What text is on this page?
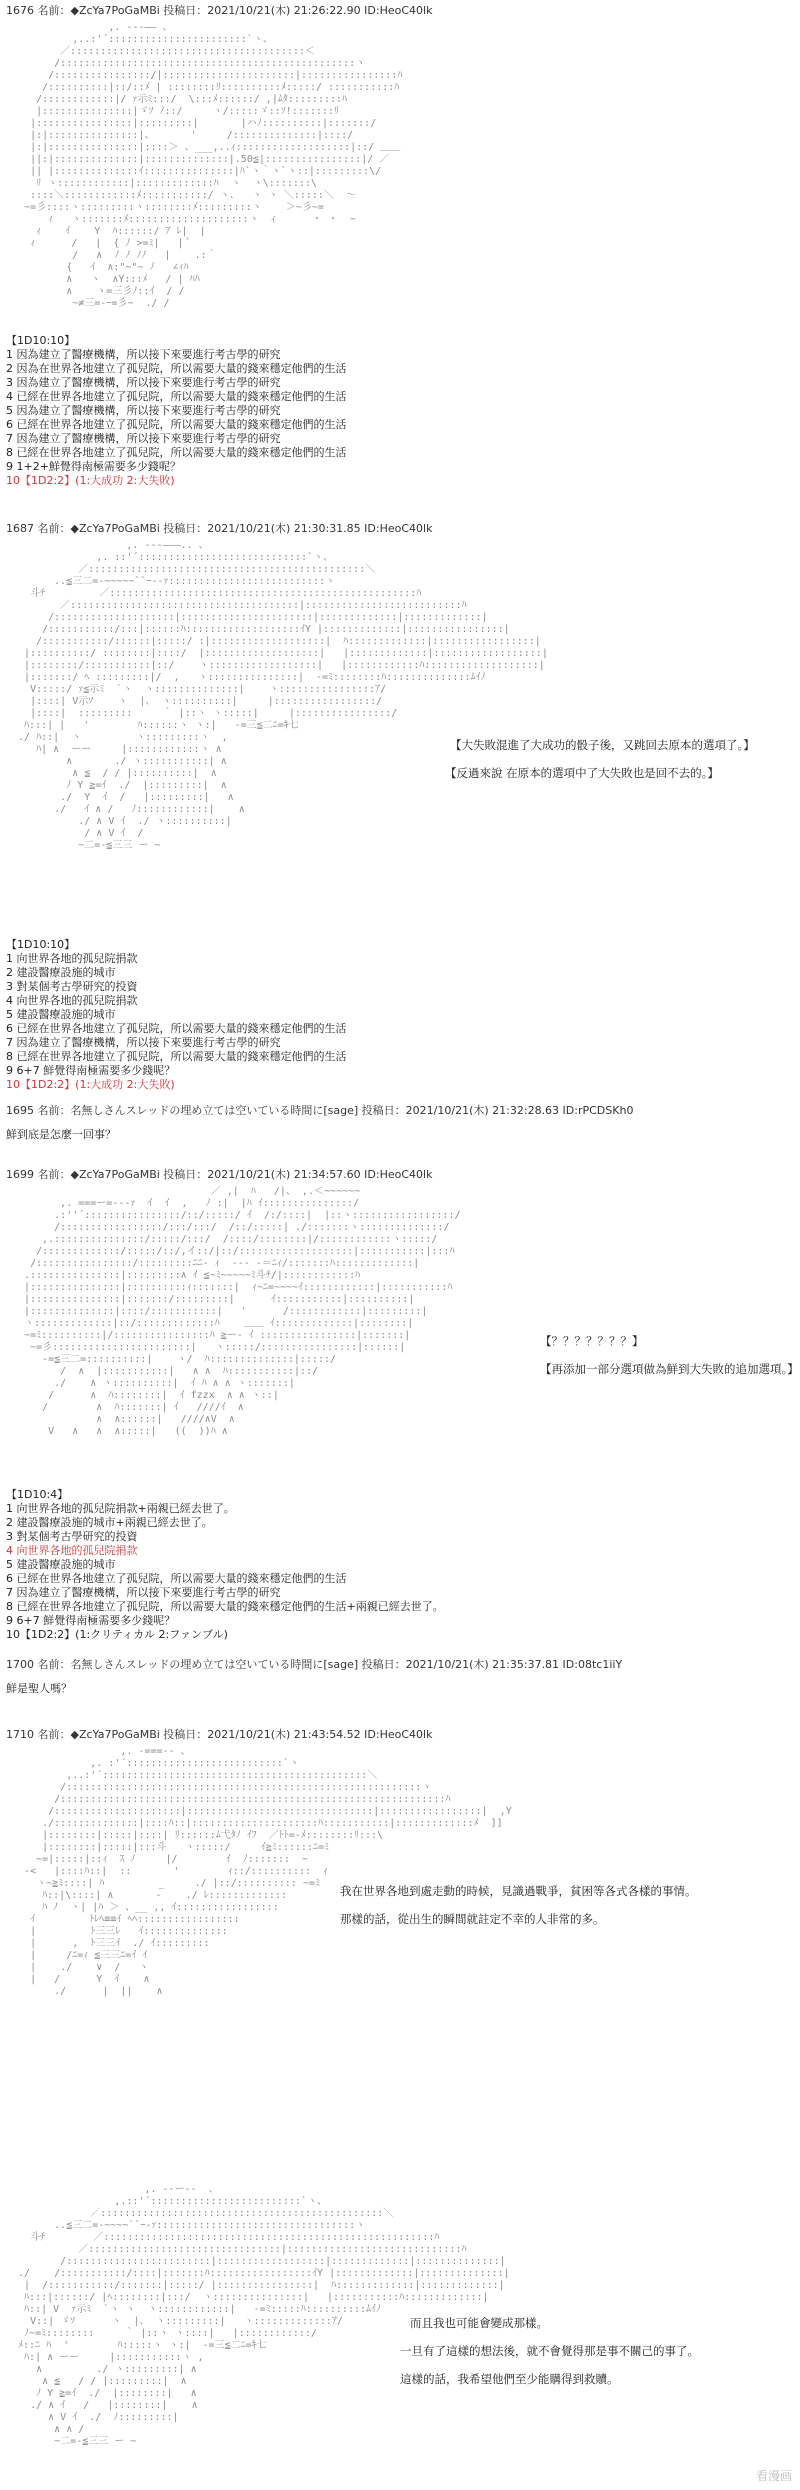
1676 名前：◆ZcYa7PoGaMBi 投稿日：2021/10/21(木) 21:26:22.90 ID:HeoC40lk
,. ---―― 、
,..:'´:::::::::::::::::::::::`ヽ、
／:::::::::::::::::::::::::::::::::::::::＜
/:::::::::::::::::::::::::::::::::::::::::::::::::ヽ
/::::::::::::::::/|::::::::::::::::::::::|::::::::::::::::ﾊ
/::::::::::|::/::ﾒ | ::::::::ﾘ::::::::::ﾒ:::::/ :::::::::::ﾊ
/::::::::::::|/ ｧ示ﾐ:::/  \:::ﾒ::::::/ ,|ﾑﾀ:::::::::ﾊ
|:::::::::::::::|ゞｿ ﾉ::/     ヽ/:::::ゞ::ｿ!:::::::ﾘ
|::::::::::::::::|:::::::::|       |ハﾉ::::::::::|:::::::/
|:|:::::::::::::::|、      '     /::::::::::::::|::::/
|:|:::::::::::::::|::::＞ 、___,..ｨ:::::::::::::::::::|::/ ＿＿
||:|::::::::::::::|::::::::::::::|.50≦|::::::::::::::::|/ ／
|| |::::::::::::::ｲ:::::::::::::::|ﾊ`ヽ｀ヽ`ヽ::|:::::::::\/
ﾘ ヽ::::::::::::|:::::::::::::ﾊ  ヽ  ヽ\:::::::\
::::＼::::::::::::ﾒ:::::::::::/ ヽ、  ヽ ヽ ＼:::::＼  ～
~=彡::::ヽ:::::::::ヽ::::::::ﾒ:::::::::ヽ    ＞~彡~=
ｨ   ヽ:::::::ﾒ::::::::::::::::::::ヽ  ｨ      ・ ・  ~
ｨ    ｲ    Y  ﾊ::::::/ ｱ ﾚ|  |
ｨ      /   |  { ﾉ >=ﾐ|   | ﾟ
/   ∧  ﾉ ﾉ ﾉﾉ   |    .:｀
{   ｲ  ∧:"~"~ ﾉ   ∠ｨﾊ
∧   ヽ  ∧Y:::ﾒ   / | ﾊﾊ
∧    ヽ=三彡ﾉ::ｲ  / /
~≠三=-ｰ=彡~  ./ /
【1D10:10】
1 因為建立了醫療機構，所以接下來要進行考古學的研究
2 因為在世界各地建立了孤兒院，所以需要大量的錢來穩定他們的生活
3 因為建立了醫療機構，所以接下來要進行考古學的研究
4 已經在世界各地建立了孤兒院，所以需要大量的錢來穩定他們的生活
5 因為建立了醫療機構，所以接下來要進行考古學的研究
6 已經在世界各地建立了孤兒院，所以需要大量的錢來穩定他們的生活
7 因為建立了醫療機構，所以接下來要進行考古學的研究
8 已經在世界各地建立了孤兒院，所以需要大量的錢來穩定他們的生活
9 1+2+鮮覺得南極需要多少錢呢？
10【1D2:2】(1:大成功 2:大失敗)
1687 名前：◆ZcYa7PoGaMBi 投稿日：2021/10/21(木) 21:30:31.85 ID:HeoC40lk
,. ---―――.. 、
,. ::'´::::::::::::::::::::::::::::`ヽ、
／::::::::::::::::::::::::::::::::::::::::::::::＼
..≦三二=‐~~~~~``ｰ‐‐ｧ::::::::::::::::::::::::::ヽ
斗ﾁ         ／:::::::::::::::::::::::::::::::::::::::::::::::::::ﾊ
／::::::::::::::::::::::::::::::::::::::|::::::::::::::::::::::::::ﾊ
/::::::::::::::::::::|::::::::::::::::::::::|:::::::::::::|:::::::::::::|
/:::::::::::/:::|::::::ﾊ:::::::::::::::::::ｲY |:::::::::::::|::::::::::::::::|
/:::::::::::/::::::|:::::/ :|:::::::::::::::::::|  ﾊ:::::::::::::|:::::::::::::::::|
|::::::::::/ ::::::::|::::/  |:::::::::::::::::::|   |:::::::::::::|::::::::::::::::::|
|::::::::/:::::::::::|::/    ヽ::::::::::::::::::|   |::::::::::::ﾊ:::::::::::::::::::|
|:::::::/ ﾍ :::::::::|/  ,   ヽ:::::::::::::::|  ‐=ﾐ::::::::ﾊ::::::::::::::ﾑｲﾉ
V:::::/ ｧ≦示ﾐ  `ヽ  ヽ::::::::::::::|    ヽ::::::::::::::::ｱ/
|::::| V示ｿ    ヽ  |、 ヽ::::::::::|     |:::::::::::::::::/
|::::|  :::::::::     ｀ |::ヽ ヽ:::::|     |::::::::::::::::/
ﾊ:::| |   '        ﾊ::::::ヽ ヽ:|   ‐=三≦二ﾆ=ｷ七
./ ﾊ::|  ヽ         ヽ:::::::::ヽ  ,
ﾊ| ∧  ーー     |::::::::::::ヽ ∧
∧       ./ ヽ:::::::::::| ∧
∧ ≦  / / |::::::::::|  ∧
ﾉ Y ≧=ｲ  ./  |:::::::::|  ∧
./  Y  ｲ  /   |:::::::::|   ∧
./   ｲ ∧ /   ﾉ::::::::::::|    ∧
./ ∧ V ｲ  ./ ヽ::::::::::|
/ ∧ V ｲ  /
~二=-≦三三 ー ~
【大失敗混進了大成功的骰子後，又跳回去原本的選項了。】
【反過來說 在原本的選項中了大失敗也是回不去的。】
【1D10:10】
1 向世界各地的孤兒院捐款
2 建設醫療設施的城市
3 對某個考古學研究的投資
4 向世界各地的孤兒院捐款
5 建設醫療設施的城市
6 已經在世界各地建立了孤兒院，所以需要大量的錢來穩定他們的生活
7 因為建立了醫療機構，所以接下來要進行考古學的研究
8 已經在世界各地建立了孤兒院，所以需要大量的錢來穩定他們的生活
9 6+7 鮮覺得南極需要多少錢呢？
10【1D2:2】(1:大成功 2:大失敗)
1695 名前：名無しさんスレッドの埋め立ては空いている時間に[sage] 投稿日：2021/10/21(木) 21:32:28.63 ID:rPCDSKh0
鮮到底是怎麼一回事？
1699 名前：◆ZcYa7PoGaMBi 投稿日：2021/10/21(木) 21:34:57.60 ID:HeoC40lk
／ ,|  ﾊ   /|、 ,.＜~~~~~~
,. ===ー=‐‐‐ｧ  ｲ  ｲ  ,   ﾉ :|  |ﾊ ｲ:::::::::::::::/
.:''´::::::::::::::::/::/:::::/ ｲ  /:/::::|  |::ヽ:::::::::::::::::/
/:::::::::::::::::/:::/:::/  /::/:::::| ./:::::::ヽ::::::::::::::/
,.:::::::::::::::/:::::/:::/  /::::/::::::::|/::::::::::::ヽ:::::/
/:::::::::::::/:::::/::/,イ::/|::/:::::::::::::::::::|:::::::::::|:::ﾊ
/::::::::::::::::/:::::::::ﾆﾆ‐ ｨ  ‐‐‐ ‐＝ﾆｨ/:::::::ﾊ:::::::::::::|
.:::::::::::::::|:::::::::∧ ｲ ≦~ﾐ~~~~~ﾐ斗ﾁ/|::::::::::::ﾊ
|:::::::::::::::|::::::::::ｨ:::::::|  ｨ~ﾆ=~~~~ｲ::::::::::::|:::::::::::ﾊ
|:::::::::::::::|:::::::/:::::::::|      ｲ:::::::::::|::::::::::|
|::::::::::::::|::::/:::::::::::|   '      /::::::::::::|:::::::::|
ヽ:::::::::::::|::/:::::::::::::ﾊ    ＿＿ ｲ:::::::::::::|::::::::|
~=ﾐ::::::::::|/::::::::::::::::ﾊ ≧ー‐ ｲ ::::::::::::::::|:::::::|
~=彡:::::::::::::::::::::::|   ヽ:::::/::::::::::::::::|::::::|
‐=≦三二=::::::::::|    ヽ/  ﾊ::::::::::::::|:::::/
/  ∧  |:::::::::::|   ∧ ∧  ﾊ:::::::::::|::/
./    ∧ ヽ::::::::::|  ｲ ﾊ ∧ ∧ ヽ:::::::|
/      ∧  ﾊ::::::::|  ｲ fzzx  ∧ ∧ ヽ::|
/        ∧  ﾊ:::::::| ｲ   ////ｲ  ∧
∧  ∧::::::|   ////∧V  ∧
V   ∧   ∧  ∧:::::|   ((  ))ﾊ ∧
【？？？？？？？】
【再添加一部分選項做為鮮到大失敗的追加選項。】
【1D10:4】
1 向世界各地的孤兒院捐款+兩親已經去世了。
2 建設醫療設施的城市+兩親已經去世了。
3 對某個考古學研究的投資
4 向世界各地的孤兒院捐款
5 建設醫療設施的城市
6 已經在世界各地建立了孤兒院，所以需要大量的錢來穩定他們的生活
7 因為建立了醫療機構，所以接下來要進行考古學的研究
8 已經在世界各地建立了孤兒院，所以需要大量的錢來穩定他們的生活+兩親已經去世了。
9 6+7 鮮覺得南極需要多少錢呢？
10【1D2:2】(1:クリティカル 2:ファンブル)
1700 名前：名無しさんスレッドの埋め立ては空いている時間に[sage] 投稿日：2021/10/21(木) 21:35:37.81 ID:08tc1iiY
鮮是聖人嗎？
1710 名前：◆ZcYa7PoGaMBi 投稿日：2021/10/21(木) 21:43:54.52 ID:HeoC40lk
,. -===‐- 、
,. :'´::::::::::::::::::::::::::`ヽ
,..:'´::::::::::::::::::::::::::::::::::::::::::::＼
/:::::::::::::::::::::::::::::::::::::::::::::::::::::::::::ヽ
/::::::::::::::::::::::::::::::::::::::::::::::::::::::::::::::::ﾊ
/:::::::::::::::::::::|:::::::::::::::::::::::::::::::|:::::::::::::::::|  ,Y
./::::::::::::::|::::ﾊ::|:::::::::::::::::::::ﾊ:::::::::::|:::::::::::::ﾒ  ]]
|::::::::|:::::|::::| ﾘ::::::ﾑ弋ﾀﾉ ｲﾌ  ／ﾄﾄ=‐ﾒ::::::::ﾘ:::\
|::::::::|:::::|:::斗   ヽ:::::/     ｲ≧ﾐ::::::ﾆ=ﾐ
~=|:::::|::ｨ  ｽ ﾉ     |/        ｲ  ﾉ:::::::  ~
‐<   |::::ﾊ::|  ::       '        ｨ::/::::::::::  ｨ
ヽ~≧ﾐ::::| ﾊ         _     ./ |::/:::::::::: ~=ﾐ
ﾊ::|\::::| ∧       ‐    ./ ﾚ:::::::::::::
ﾊ ﾉ  ヽ| |ﾊ ＞ 、__ ,, ｲ:::::::::::::::::
ｲ         ﾄﾚﾍ≡≡ｲ ﾍﾍ:::::::::::::::::
|         ﾄ三三ﾚ   ｲ::::::::::::::
|      ,  ﾄ三三ｲ  ./ ｲ:::::::::
|     /ﾆ=ｨ ≦三三ﾆ=ｲ ｲ
|    ./    ∨  /   ヽ
|   /      Y  ｲ    ∧
./      |  ||    ∧
我在世界各地到處走動的時候，見識過戰爭，貧困等各式各樣的事情。
那樣的話，從出生的瞬間就註定不幸的人非常的多。
,. --ー‐‐  、
,.::'´:::::::::::::::::::::::::`ヽ、
／:::::::::::::::::::::::::::::::::::::::::::::::＼
..≦三二=‐~~~~``ｰ‐ｧ:::::::::::::::::::::::::::::::::ヽ
斗ﾁ        ／:::::::::::::::::::::::::::::::::::::::::::::::::::::::ﾊ
／::::::::::::::::::::::::::::::::|:::::::::::::::::::::::::::::ﾊ
/::::::::::::::::::::::::|::::::::::::::::::|:::::::::::::|::::::::::::::|
./    /:::::::::::/::::|:::::::ﾊ:::::::::::::::::ｲY |:::::::::::::|::::::::::::::|
|  /:::::::::::/:::::::|:::::/ |::::::::::::::::|  ﾊ:::::::::::::|:::::::::::::|
ﾊ:::|::::::/ |ﾍ::::::::|:::/  ヽ:::::::::::::::|   |:::::::::::ﾊ:::::::::::::|
ﾊ::| V  ｧ示ﾐ  `ヽ ヽ  ヽ::::::::::::|   ‐=ﾐ:::::ﾊ::::::::::ﾑｲﾉ
V::| ゞｿ      ヽ  |、 ヽ:::::::::|   ヽ:::::::::::::ｱ/
ﾉ~=ﾐ::::::::     ｀ |::ヽ ヽ::::|   |::::::::::::/
ﾒ::ﾆ ﾊ  '        ﾊ:::::ヽ ヽ:|  ‐=三≦二ﾆ=ｷ七
ﾊ:| ∧ ーー     |:::::::::::ヽ ,
∧         ./ ヽ:::::::::| ∧
∧ ≦   / / |:::::::::|  ∧
ﾉ Y ≧=ｲ  ./  |::::::::|   ∧
./ ∧ ｲ   /   |::::::::|    ∧
∧ V ｲ  ./  ﾉ:::::::::|
∧ ∧ /
~二=-≦三三 ー ~
而且我也可能會變成那樣。
一旦有了這樣的想法後，就不會覺得那是事不關己的事了。
這樣的話，我希望他們至少能購得到救贖。
看漫画
